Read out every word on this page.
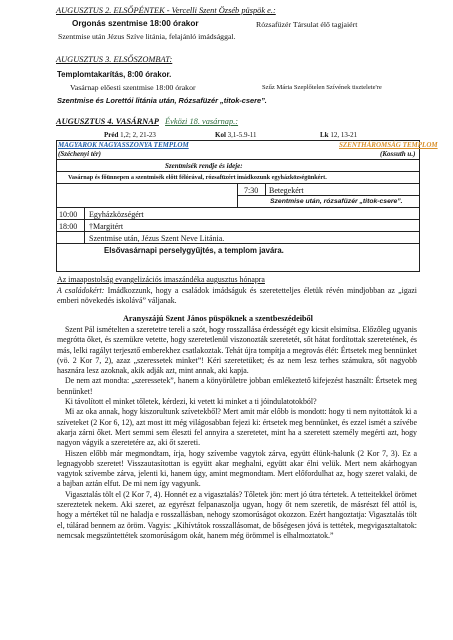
AUGUSZTUS 2. ELSŐPÉNTEK - Vercelli Szent Özséb püspök e.:
Orgonás szentmise 18:00 órakor	Rózsafüzér Társulat élő tagjaiért
Szentmise után Jézus Szíve litánia, felajánló imádsággal.
AUGUSZTUS 3. ELSŐSZOMBAT:
Templomtakarítás, 8:00 órakor.
Vasárnap előesti szentmise 18:00 órakor	Szűz Mária Szeplőtelen Szívének tisztelete're
Szentmise és Lorettói litánia után, Rózsafüzér „titok-csere”.
AUGUSZTUS 4. VASÁRNAP Évközi 18. vasárnap.:
Préd 1,2; 2, 21-23	Kol 3,1-5.9-11	Lk 12, 13-21
MAGYAROK NAGYASSZONYA TEMPLOM	SZENTHÁROMSÁG TEMPLOM
(Széchenyi tér)	(Kossuth u.)
Szentmisék rendje és ideje:
Vasárnap és főünnepen a szentmisék előtt félórával, rózsafüzért imádkozunk egyházközségünkért.
7:30 Betegekért
Szentmise után, rózsafüzér „titok-csere”.
10:00 Egyházközségért
18:00 †Margitért
Szentmise után, Jézus Szent Neve Litánia.
Elsővasárnapi perselygyűjtés, a templom javára.
Az imaapostolság evangelizációs imaszándéka augusztus hónapra

A családokért: Imádkozzunk, hogy a családok imádságuk és szeretetteljes életük révén mindjobban az „igazi emberi növekedés iskolává” váljanak.

Aranyszájú Szent János püspöknek a szentbeszédeiből

Szent Pál ismételten a szeretetre tereli a szót, hogy rosszallása érdességét egy kicsit elsimítsa. Előzőleg ugyanis megrótta őket, és szemükre vetette, hogy szeretetlenül viszonozták szeretetét, sőt hátat fordítottak szeretetének, és más, lelki ragályt terjesztő emberekhez csatlakoztak. Tehát újra tompítja a megrovás élét: Értsetek meg bennünket (vö. 2 Kor 7, 2), azaz „szeressetek minket”! Kéri szeretetüket; és az nem lesz terhes számukra, sőt nagyobb hasznára lesz azoknak, akik adják azt, mint annak, aki kapja.

De nem azt mondta: „szeressetek”, hanem a könyörületre jobban emlékeztető kifejezést használt: Értsetek meg bennünket!

Ki távolított el minket tőletek, kérdezi, ki vetett ki minket a ti jóindulatotokból?

Mi az oka annak, hogy kiszorultunk szívetekből? Mert amit már előbb is mondott: hogy ti nem nyitottátok ki a szíveteket (2 Kor 6, 12), azt most itt még világosabban fejezi ki: értsetek meg bennünket, és ezzel ismét a szívébe akarja zárni őket. Mert semmi sem éleszti fel annyira a szeretetet, mint ha a szeretett személy megérti azt, hogy nagyon vágyik a szeretetére az, aki őt szereti.

Hiszen előbb már megmondtam, írja, hogy szívembe vagytok zárva, együtt élünk-halunk (2 Kor 7, 3). Ez a legnagyobb szeretet! Visszautasítottan is együtt akar meghalni, együtt akar élni velük. Mert nem akárhogyan vagytok szívembe zárva, jelenti ki, hanem úgy, amint megmondtam. Mert előfordulhat az, hogy szeret valaki, de a bajban aztán elfut. De mi nem így vagyunk.

Vigasztalás tölt el (2 Kor 7, 4). Honnét ez a vigasztalás? Tőletek jön: mert jó útra tértetek. A tetteitekkel örömet szereztetek nekem. Aki szeret, az egyrészt felpanaszolja ugyan, hogy őt nem szeretik, de másrészt fél attól is, hogy a mértéket túl ne haladja e rosszallásban, nehogy szomorúságot okozzon. Ezért hangoztatja: Vigasztalás tölt el, túlárad bennem az öröm. Vagyis: „Kihívtátok rosszallásomat, de bőségesen jóvá is tettétek, megvigasztaltatok: nemcsak megszüntettétek szomorúságom okát, hanem még örömmel is elhalmoztatok.”
